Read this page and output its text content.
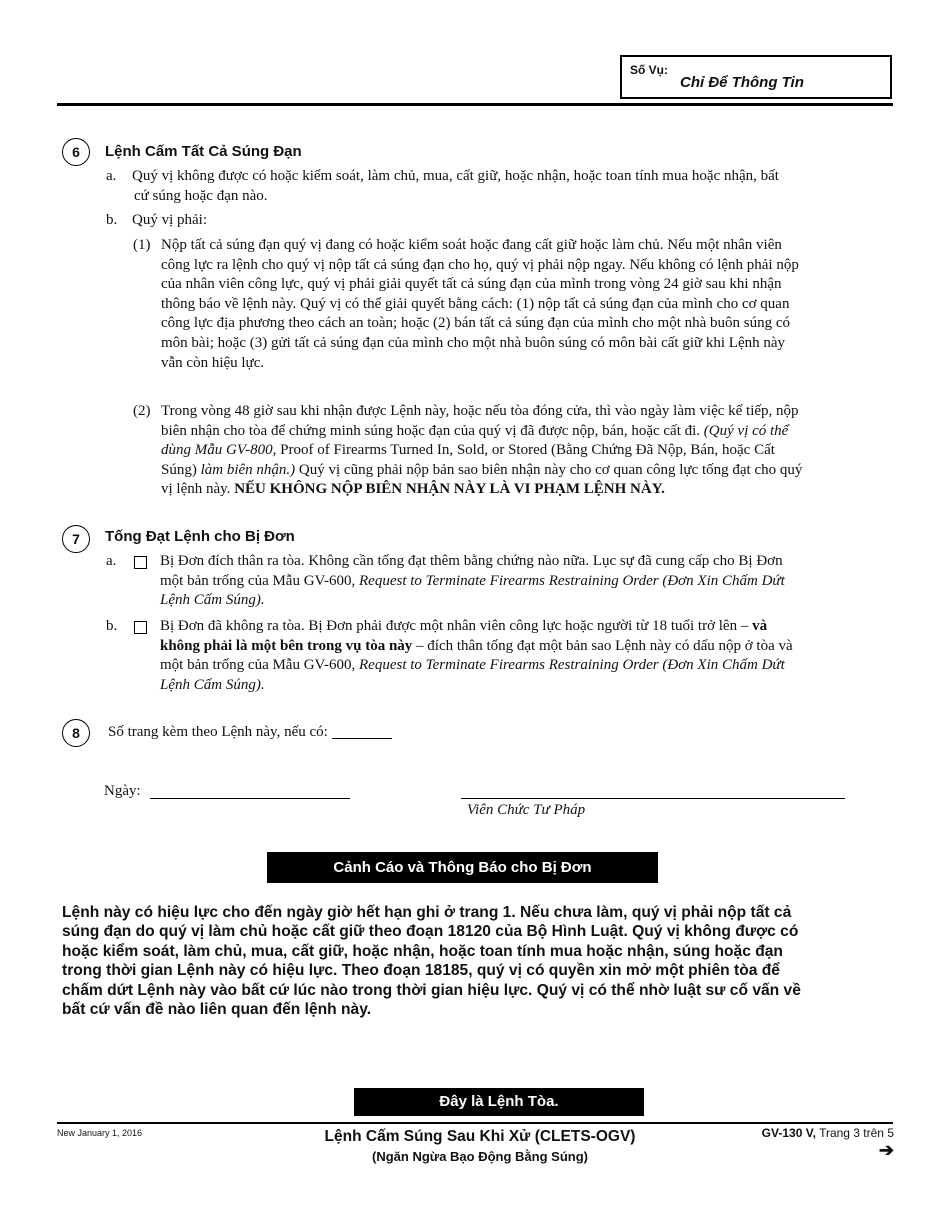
Số Vụ:
Chỉ Để Thông Tin
6	Lệnh Cấm Tất Cả Súng Đạn
a. Quý vị không được có hoặc kiểm soát, làm chủ, mua, cất giữ, hoặc nhận, hoặc toan tính mua hoặc nhận, bất
cứ súng hoặc đạn nào.
b. Quý vị phải:
(1) Nộp tất cả súng đạn quý vị đang có hoặc kiểm soát hoặc đang cất giữ hoặc làm chủ. Nếu một nhân viên
công lực ra lệnh cho quý vị nộp tất cả súng đạn cho họ, quý vị phải nộp ngay. Nếu không có lệnh phải nộp
của nhân viên công lực, quý vị phải giải quyết tất cả súng đạn của mình trong vòng 24 giờ sau khi nhận
thông báo về lệnh này. Quý vị có thể giải quyết bằng cách: (1) nộp tất cả súng đạn của mình cho cơ quan
công lực địa phương theo cách an toàn; hoặc (2) bán tất cả súng đạn của mình cho một nhà buôn súng có
môn bài; hoặc (3) gửi tất cả súng đạn của mình cho một nhà buôn súng có môn bài cất giữ khi Lệnh này
vẫn còn hiệu lực.
(2) Trong vòng 48 giờ sau khi nhận được Lệnh này, hoặc nếu tòa đóng cửa, thì vào ngày làm việc kế tiếp, nộp
biên nhận cho tòa để chứng minh súng hoặc đạn của quý vị đã được nộp, bán, hoặc cất đi. (Quý vị có thể
dùng Mẫu GV-800, Proof of Firearms Turned In, Sold, or Stored (Bằng Chứng Đã Nộp, Bán, hoặc Cất
Súng) làm biên nhận.) Quý vị cũng phải nộp bản sao biên nhận này cho cơ quan công lực tống đạt cho quý
vị lệnh này. NẾU KHÔNG NỘP BIÊN NHẬN NÀY LÀ VI PHẠM LỆNH NÀY.
7	Tống Đạt Lệnh cho Bị Đơn
a.	Bị Đơn đích thân ra tòa. Không cần tống đạt thêm bằng chứng nào nữa. Lục sự đã cung cấp cho Bị Đơn
một bản trống của Mẫu GV-600, Request to Terminate Firearms Restraining Order (Đơn Xin Chấm Dứt
Lệnh Cấm Súng).
b.	Bị Đơn đã không ra tòa. Bị Đơn phải được một nhân viên công lực hoặc người từ 18 tuổi trở lên – và
không phải là một bên trong vụ tòa này – đích thân tống đạt một bản sao Lệnh này có dấu nộp ở tòa và
một bản trống của Mẫu GV-600, Request to Terminate Firearms Restraining Order (Đơn Xin Chấm Dứt
Lệnh Cấm Súng).
8	Số trang kèm theo Lệnh này, nếu có:
Ngày:
Viên Chức Tư Pháp
Cảnh Cáo và Thông Báo cho Bị Đơn
Lệnh này có hiệu lực cho đến ngày giờ hết hạn ghi ở trang 1. Nếu chưa làm, quý vị phải nộp tất cả
súng đạn do quý vị làm chủ hoặc cất giữ theo đoạn 18120 của Bộ Hình Luật. Quý vị không được có
hoặc kiểm soát, làm chủ, mua, cất giữ, hoặc nhận, hoặc toan tính mua hoặc nhận, súng hoặc đạn
trong thời gian Lệnh này có hiệu lực. Theo đoạn 18185, quý vị có quyền xin mở một phiên tòa để
chấm dứt Lệnh này vào bất cứ lúc nào trong thời gian hiệu lực. Quý vị có thể nhờ luật sư cố vấn về
bất cứ vấn đề nào liên quan đến lệnh này.
Đây là Lệnh Tòa.
New January 1, 2016	Lệnh Cấm Súng Sau Khi Xử (CLETS-OGV)
(Ngăn Ngừa Bạo Động Bằng Súng)
GV-130 V, Trang 3 trên 5
➔
